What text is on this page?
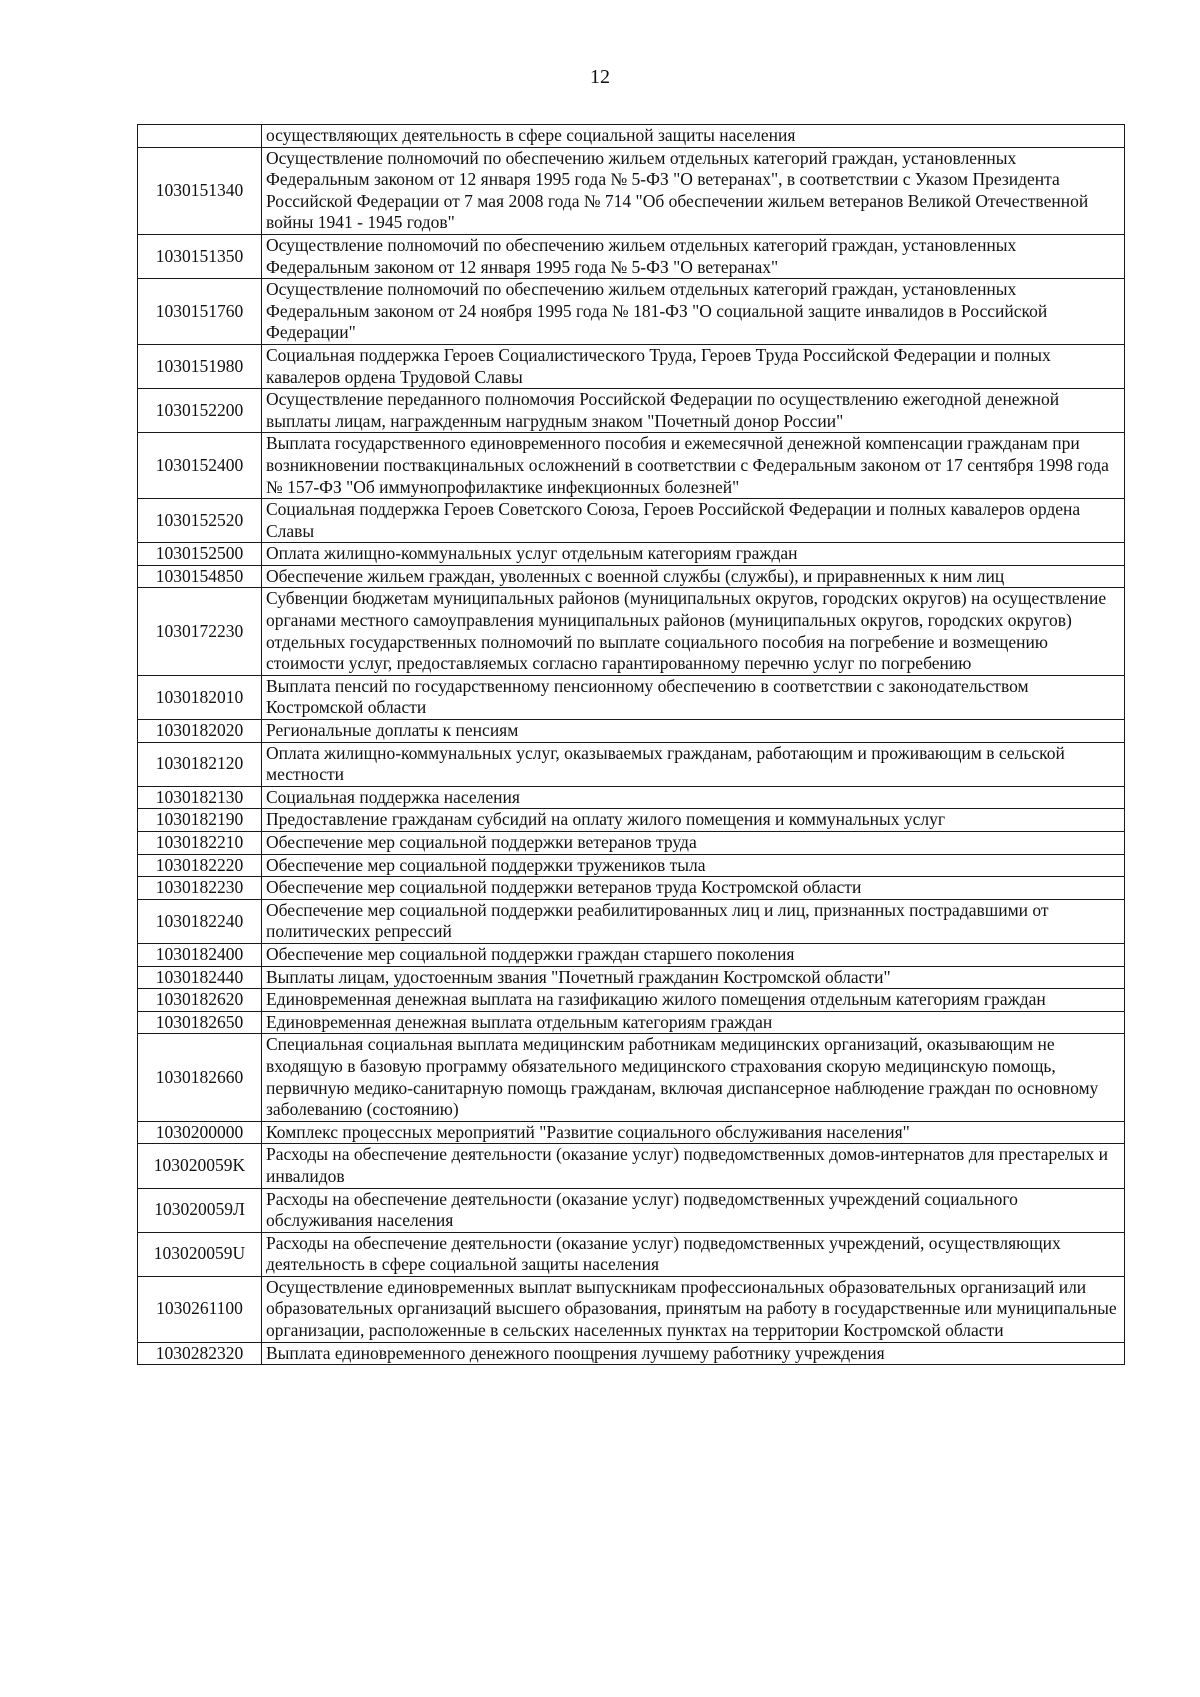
12
	осуществляющих деятельность в сфере социальной защиты населения
1030151340	Осуществление полномочий по обеспечению жильем отдельных категорий граждан, установленных Федеральным законом от 12 января 1995 года № 5-ФЗ "О ветеранах", в соответствии с Указом Президента Российской Федерации от 7 мая 2008 года № 714 "Об обеспечении жильем ветеранов Великой Отечественной войны 1941 - 1945 годов"
1030151350	Осуществление полномочий по обеспечению жильем отдельных категорий граждан, установленных Федеральным законом от 12 января 1995 года № 5-ФЗ "О ветеранах"
1030151760	Осуществление полномочий по обеспечению жильем отдельных категорий граждан, установленных Федеральным законом от 24 ноября 1995 года № 181-ФЗ "О социальной защите инвалидов в Российской Федерации"
1030151980	Социальная поддержка Героев Социалистического Труда, Героев Труда Российской Федерации и полных кавалеров ордена Трудовой Славы
1030152200	Осуществление переданного полномочия Российской Федерации по осуществлению ежегодной денежной выплаты лицам, награжденным нагрудным знаком "Почетный донор России"
1030152400	Выплата государственного единовременного пособия и ежемесячной денежной компенсации гражданам при возникновении поствакцинальных осложнений в соответствии с Федеральным законом от 17 сентября 1998 года № 157-ФЗ "Об иммунопрофилактике инфекционных болезней"
1030152520	Социальная поддержка Героев Советского Союза, Героев Российской Федерации и полных кавалеров ордена Славы
1030152500	Оплата жилищно-коммунальных услуг отдельным категориям граждан
1030154850	Обеспечение жильем граждан, уволенных с военной службы (службы), и приравненных к ним лиц
1030172230	Субвенции бюджетам муниципальных районов (муниципальных округов, городских округов) на осуществление органами местного самоуправления муниципальных районов (муниципальных округов, городских округов) отдельных государственных полномочий по выплате социального пособия на погребение и возмещению стоимости услуг, предоставляемых согласно гарантированному перечню услуг по погребению
1030182010	Выплата пенсий по государственному пенсионному обеспечению в соответствии с законодательством Костромской области
1030182020	Региональные доплаты к пенсиям
1030182120	Оплата жилищно-коммунальных услуг, оказываемых гражданам, работающим и проживающим в сельской местности
1030182130	Социальная поддержка населения
1030182190	Предоставление гражданам субсидий на оплату жилого помещения и коммунальных услуг
1030182210	Обеспечение мер социальной поддержки ветеранов труда
1030182220	Обеспечение мер социальной поддержки тружеников тыла
1030182230	Обеспечение мер социальной поддержки ветеранов труда Костромской области
1030182240	Обеспечение мер социальной поддержки реабилитированных лиц и лиц, признанных пострадавшими от политических репрессий
1030182400	Обеспечение мер социальной поддержки граждан старшего поколения
1030182440	Выплаты лицам, удостоенным звания "Почетный гражданин Костромской области"
1030182620	Единовременная денежная выплата на газификацию жилого помещения отдельным категориям граждан
1030182650	Единовременная денежная выплата отдельным категориям граждан
1030182660	Специальная социальная выплата медицинским работникам медицинских организаций, оказывающим не входящую в базовую программу обязательного медицинского страхования скорую медицинскую помощь, первичную медико-санитарную помощь гражданам, включая диспансерное наблюдение граждан по основному заболеванию (состоянию)
1030200000	Комплекс процессных мероприятий "Развитие социального обслуживания населения"
103020059K	Расходы на обеспечение деятельности (оказание услуг) подведомственных домов-интернатов для престарелых и инвалидов
103020059Л	Расходы на обеспечение деятельности (оказание услуг) подведомственных учреждений социального обслуживания населения
103020059U	Расходы на обеспечение деятельности (оказание услуг) подведомственных учреждений, осуществляющих деятельность в сфере социальной защиты населения
1030261100	Осуществление единовременных выплат выпускникам профессиональных образовательных организаций или образовательных организаций высшего образования, принятым на работу в государственные или муниципальные организации, расположенные в сельских населенных пунктах на территории Костромской области
1030282320	Выплата единовременного денежного поощрения лучшему работнику учреждения
